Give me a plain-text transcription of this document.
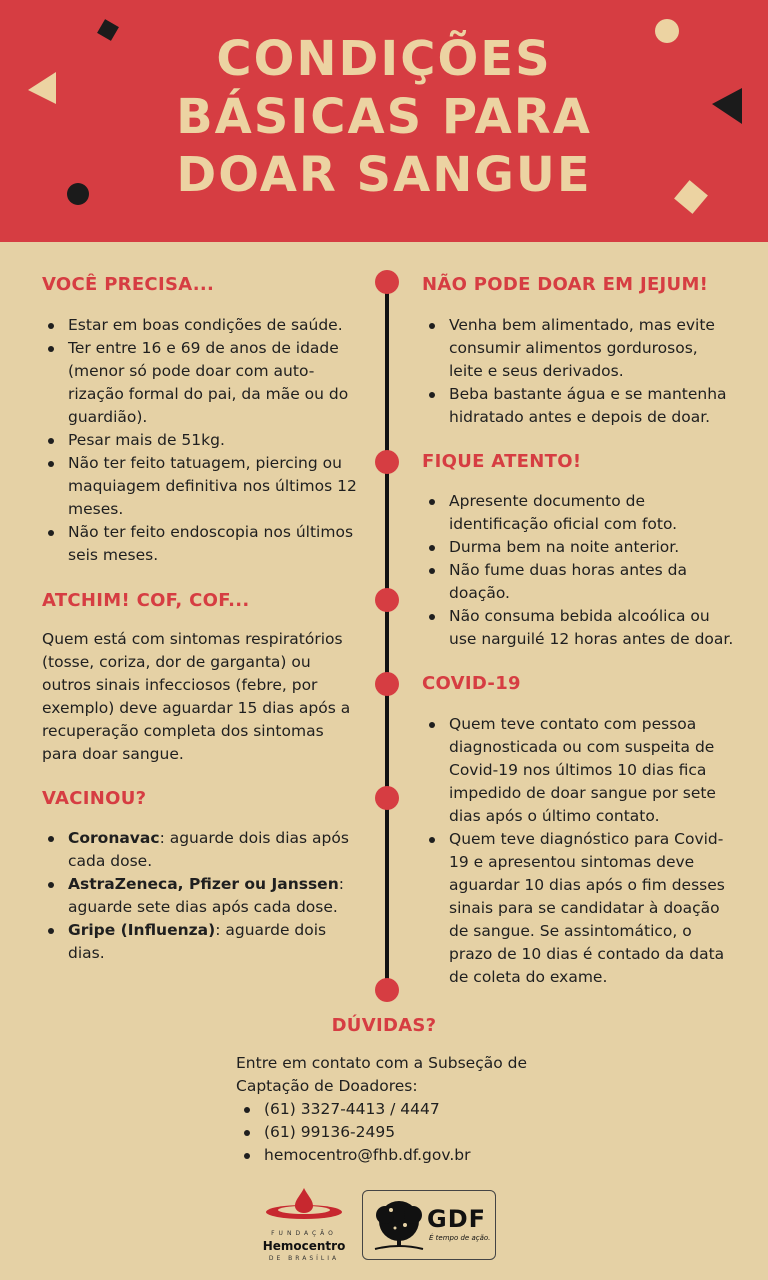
CONDIÇÕES
BÁSICAS PARA
DOAR SANGUE
VOCÊ PRECISA...
Estar em boas condições de saúde.
Ter entre 16 e 69 de anos de idade (menor só pode doar com auto- rização formal do pai, da mãe ou do guardião).
Pesar mais de 51kg.
Não ter feito tatuagem, piercing ou maquiagem definitiva nos últimos 12 meses.
Não ter feito endoscopia nos últimos seis meses.
ATCHIM! COF, COF...

Quem está com sintomas respiratórios (tosse, coriza, dor de garganta) ou outros sinais infecciosos (febre, por exemplo) deve aguardar 15 dias após a recuperação completa dos sintomas para doar sangue.

VACINOU?
Coronavac: aguarde dois dias após cada dose.
AstraZeneca, Pfizer ou Janssen: aguarde sete dias após cada dose.
Gripe (Influenza): aguarde dois dias.
NÃO PODE DOAR EM JEJUM!
Venha bem alimentado, mas evite consumir alimentos gordurosos, leite e seus derivados.
Beba bastante água e se mantenha hidratado antes e depois de doar.
FIQUE ATENTO!
Apresente documento de identificação oficial com foto.
Durma bem na noite anterior.
Não fume duas horas antes da doação.
Não consuma bebida alcoólica ou use narguilé 12 horas antes de doar.
COVID-19
Quem teve contato com pessoa diagnosticada ou com suspeita de Covid-19 nos últimos 10 dias fica impedido de doar sangue por sete dias após o último contato.
Quem teve diagnóstico para Covid-19 e apresentou sintomas deve aguardar 10 dias após o fim desses sinais para se candidatar à doação de sangue. Se assintomático, o prazo de 10 dias é contado da data de coleta do exame.
DÚVIDAS?

Entre em contato com a Subseção de Captação de Doadores:

(61) 3327-4413 / 4447
(61) 99136-2495
hemocentro@fhb.df.gov.br
FUNDAÇÃO
Hemocentro
DE BRASÍLIA
GDF
É tempo de ação.
